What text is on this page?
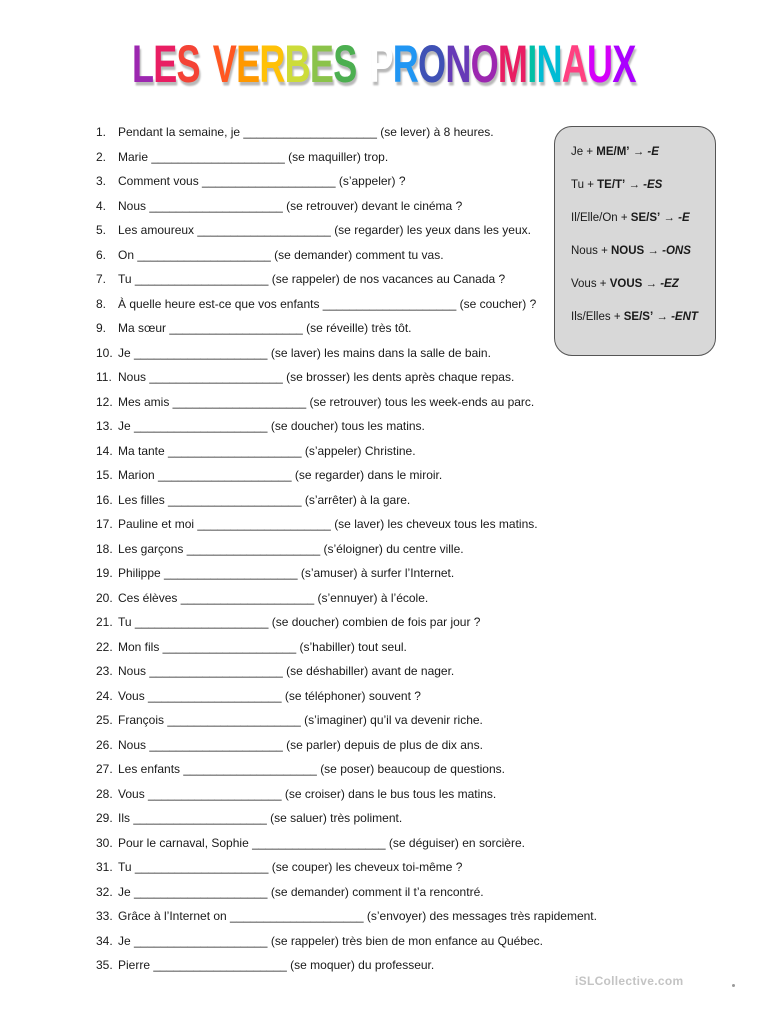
LES VERBES PRONOMINAUX
1. Pendant la semaine, je ____________________ (se lever) à 8 heures.
2. Marie ____________________ (se maquiller) trop.
3. Comment vous ____________________ (s’appeler) ?
4. Nous ____________________ (se retrouver) devant le cinéma ?
5. Les amoureux ____________________ (se regarder) les yeux dans les yeux.
6. On ____________________ (se demander) comment tu vas.
7. Tu ____________________ (se rappeler) de nos vacances au Canada ?
8. À quelle heure est-ce que vos enfants ____________________ (se coucher) ?
9. Ma sœur ____________________ (se réveille) très tôt.
10. Je ____________________ (se laver) les mains dans la salle de bain.
11. Nous ____________________ (se brosser) les dents après chaque repas.
12. Mes amis ____________________ (se retrouver) tous les week-ends au parc.
13. Je ____________________ (se doucher) tous les matins.
14. Ma tante ____________________ (s’appeler) Christine.
15. Marion ____________________ (se regarder) dans le miroir.
16. Les filles ____________________ (s’arrêter) à la gare.
17. Pauline et moi ____________________ (se laver) les cheveux tous les matins.
18. Les garçons ____________________ (s’éloigner) du centre ville.
19. Philippe ____________________ (s’amuser) à surfer l’Internet.
20. Ces élèves ____________________ (s’ennuyer) à l’école.
21. Tu ____________________ (se doucher) combien de fois par jour ?
22. Mon fils ____________________ (s’habiller) tout seul.
23. Nous ____________________ (se déshabiller) avant de nager.
24. Vous ____________________ (se téléphoner) souvent ?
25. François ____________________ (s’imaginer) qu’il va devenir riche.
26. Nous ____________________ (se parler) depuis de plus de dix ans.
27. Les enfants ____________________ (se poser) beaucoup de questions.
28. Vous ____________________ (se croiser) dans le bus tous les matins.
29. Ils ____________________ (se saluer) très poliment.
30. Pour le carnaval, Sophie ____________________ (se déguiser) en sorcière.
31. Tu ____________________ (se couper) les cheveux toi-même ?
32. Je ____________________ (se demander) comment il t’a rencontré.
33. Grâce à l’Internet on ____________________ (s’envoyer) des messages très rapidement.
34. Je ____________________ (se rappeler) très bien de mon enfance au Québec.
35. Pierre ____________________ (se moquer) du professeur.
Je + ME/M’ → -E
Tu + TE/T’ → -ES
Il/Elle/On + SE/S’ → -E
Nous + NOUS → -ONS
Vous + VOUS → -EZ
Ils/Elles + SE/S’ → -ENT
iSLCollective.com
